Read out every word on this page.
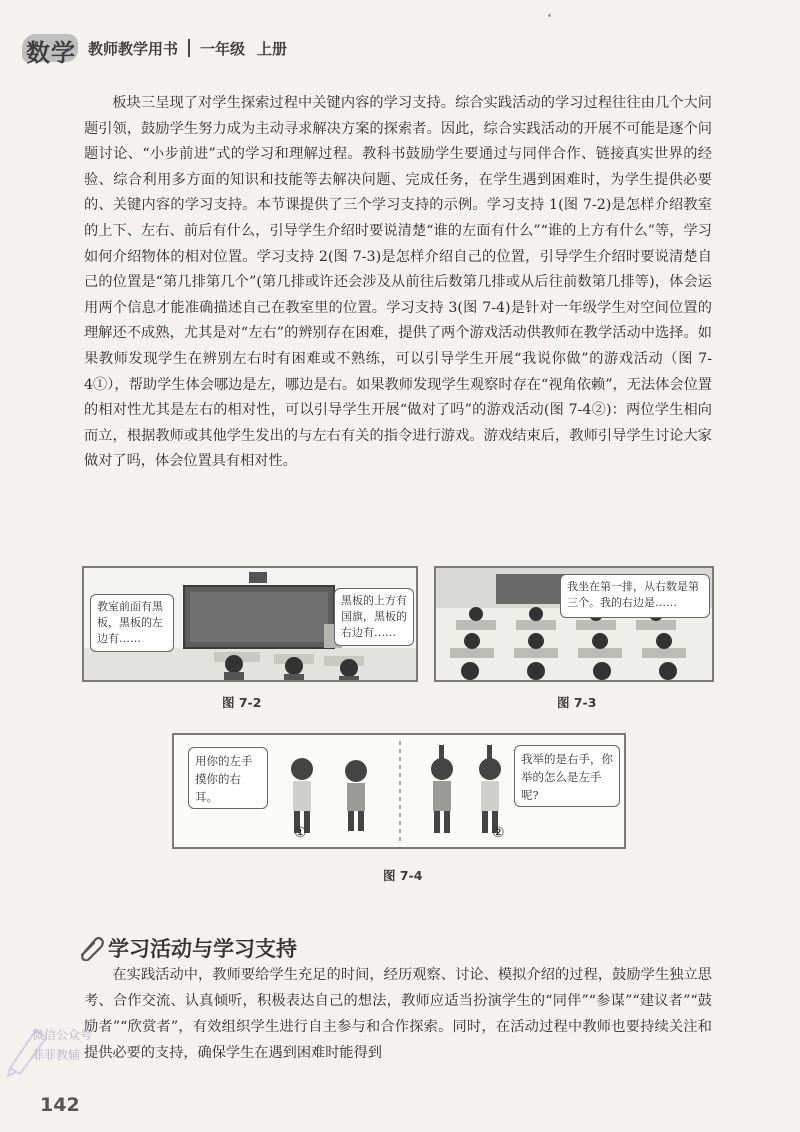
数学 教师教学用书 一年级 上册

板块三呈现了对学生探索过程中关键内容的学习支持。综合实践活动的学习过程往往由几个大问题引领，鼓励学生努力成为主动寻求解决方案的探索者。因此，综合实践活动的开展不可能是逐个问题讨论、“小步前进”式的学习和理解过程。教科书鼓励学生要通过与同伴合作、链接真实世界的经验、综合利用多方面的知识和技能等去解决问题、完成任务，在学生遇到困难时，为学生提供必要的、关键内容的学习支持。本节课提供了三个学习支持的示例。学习支持 1(图 7-2)是怎样介绍教室的上下、左右、前后有什么，引导学生介绍时要说清楚“谁的左面有什么”“谁的上方有什么”等，学习如何介绍物体的相对位置。学习支持 2(图 7-3)是怎样介绍自己的位置，引导学生介绍时要说清楚自己的位置是“第几排第几个”(第几排或许还会涉及从前往后数第几排或从后往前数第几排等)，体会运用两个信息才能准确描述自己在教室里的位置。学习支持 3(图 7-4)是针对一年级学生对空间位置的理解还不成熟，尤其是对“左右”的辨别存在困难，提供了两个游戏活动供教师在教学活动中选择。如果教师发现学生在辨别左右时有困难或不熟练，可以引导学生开展“我说你做”的游戏活动（图 7-4①），帮助学生体会哪边是左，哪边是右。如果教师发现学生观察时存在“视角依赖”，无法体会位置的相对性尤其是左右的相对性，可以引导学生开展“做对了吗”的游戏活动(图 7-4②)：两位学生相向而立，根据教师或其他学生发出的与左右有关的指令进行游戏。游戏结束后，教师引导学生讨论大家做对了吗，体会位置具有相对性。

教室前面有黑板，黑板的左边有……
黑板的上方有国旗，黑板的右边有……
图 7-2
我坐在第一排，从右数是第三个。我的右边是……
图 7-3
用你的左手摸你的右耳。
我举的是右手，你举的怎么是左手呢?
①	②
图 7-4
学习活动与学习支持

在实践活动中，教师要给学生充足的时间，经历观察、讨论、模拟介绍的过程，鼓励学生独立思考、合作交流、认真倾听，积极表达自己的想法，教师应适当扮演学生的“同伴”“参谋”“建议者”“鼓励者”“欣赏者”，有效组织学生进行自主参与和合作探索。同时，在活动过程中教师也要持续关注和提供必要的支持，确保学生在遇到困难时能得到

微信公众号
菲菲教辅
142
